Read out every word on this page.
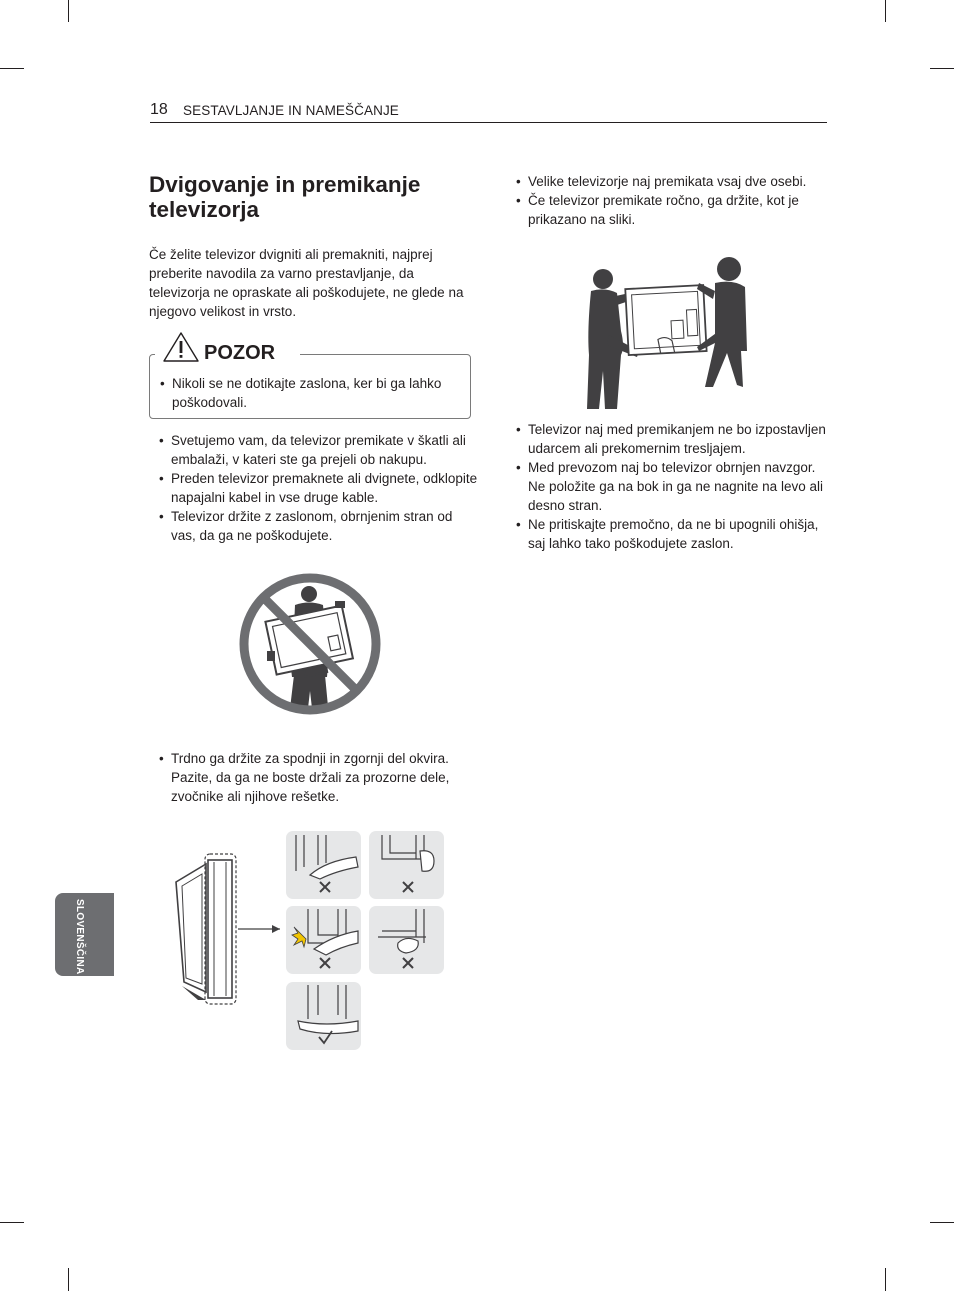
18 SESTAVLJANJE IN NAMEŠČANJE
Dvigovanje in premikanje televizorja

Če želite televizor dvigniti ali premakniti, najprej preberite navodila za varno prestavljanje, da televizorja ne opraskate ali poškodujete, ne glede na njegovo velikost in vrsto.

POZOR
• Nikoli se ne dotikajte zaslona, ker bi ga lahko poškodovali.
• Svetujemo vam, da televizor premikate v škatli ali embalaži, v kateri ste ga prejeli ob nakupu.
• Preden televizor premaknete ali dvignete, odklopite napajalni kabel in vse druge kable.
• Televizor držite z zaslonom, obrnjenim stran od vas, da ga ne poškodujete.
• Trdno ga držite za spodnji in zgornji del okvira. Pazite, da ga ne boste držali za prozorne dele, zvočnike ali njihove rešetke.
• Velike televizorje naj premikata vsaj dve osebi.
• Če televizor premikate ročno, ga držite, kot je prikazano na sliki.
• Televizor naj med premikanjem ne bo izpostavljen udarcem ali prekomernim tresljajem.
• Med prevozom naj bo televizor obrnjen navzgor. Ne položite ga na bok in ga ne nagnite na levo ali desno stran.
• Ne pritiskajte premočno, da ne bi upognili ohišja, saj lahko tako poškodujete zaslon.
SLOVENŠČINA
